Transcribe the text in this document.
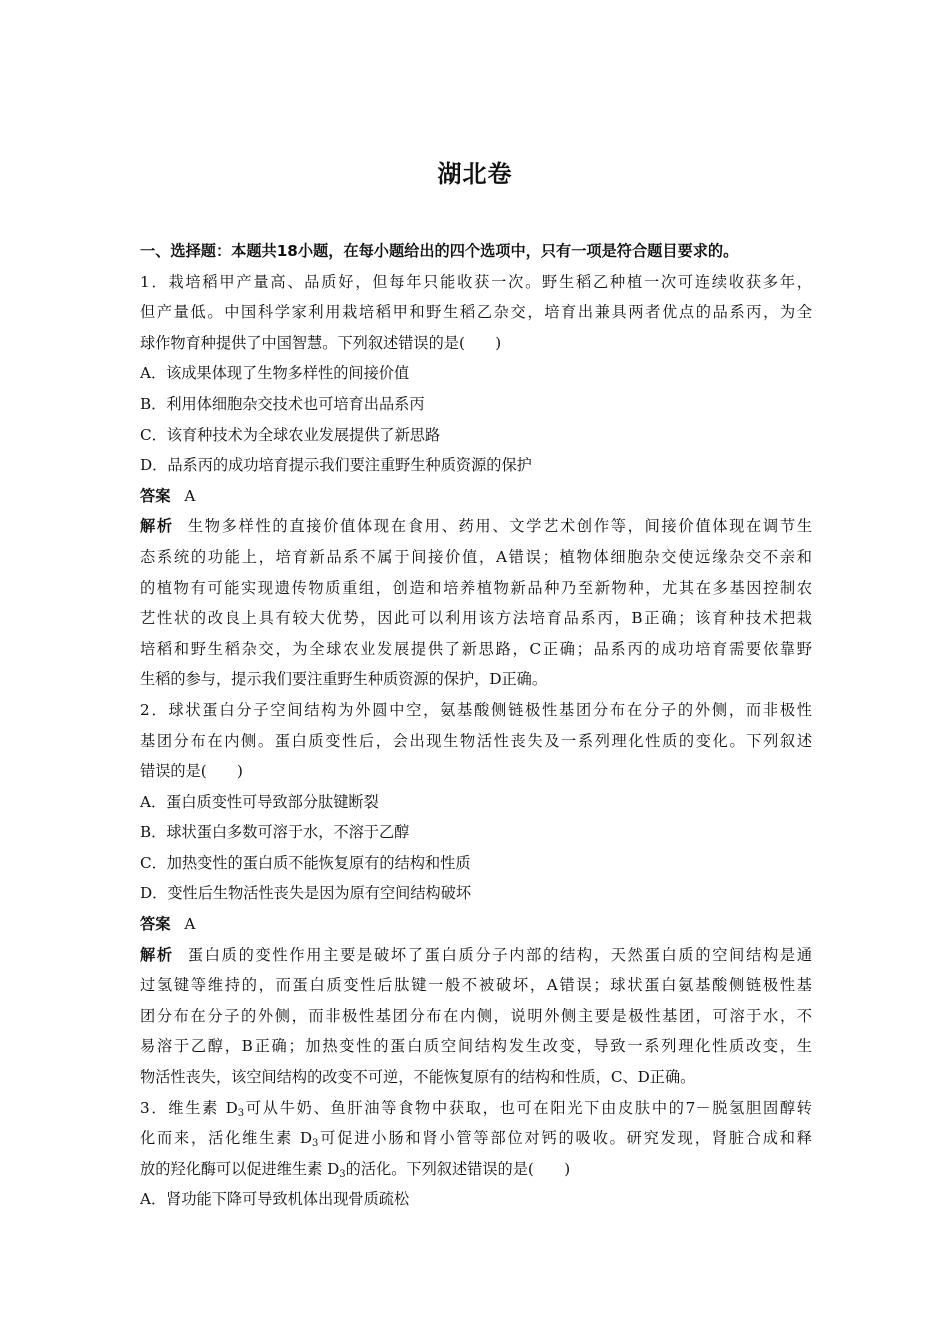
湖北卷
一、选择题：本题共18小题，在每小题给出的四个选项中，只有一项是符合题目要求的。
1．栽培稻甲产量高、品质好，但每年只能收获一次。野生稻乙种植一次可连续收获多年，
但产量低。中国科学家利用栽培稻甲和野生稻乙杂交，培育出兼具两者优点的品系丙，为全
球作物育种提供了中国智慧。下列叙述错误的是(　　)
A．该成果体现了生物多样性的间接价值
B．利用体细胞杂交技术也可培育出品系丙
C．该育种技术为全球农业发展提供了新思路
D．品系丙的成功培育提示我们要注重野生种质资源的保护
答案 A
解析 生物多样性的直接价值体现在食用、药用、文学艺术创作等，间接价值体现在调节生
态系统的功能上，培育新品系不属于间接价值，A错误；植物体细胞杂交使远缘杂交不亲和
的植物有可能实现遗传物质重组，创造和培养植物新品种乃至新物种，尤其在多基因控制农
艺性状的改良上具有较大优势，因此可以利用该方法培育品系丙，B正确；该育种技术把栽
培稻和野生稻杂交，为全球农业发展提供了新思路，C正确；品系丙的成功培育需要依靠野
生稻的参与，提示我们要注重野生种质资源的保护，D正确。
2．球状蛋白分子空间结构为外圆中空，氨基酸侧链极性基团分布在分子的外侧，而非极性
基团分布在内侧。蛋白质变性后，会出现生物活性丧失及一系列理化性质的变化。下列叙述
错误的是(　　)
A．蛋白质变性可导致部分肽键断裂
B．球状蛋白多数可溶于水，不溶于乙醇
C．加热变性的蛋白质不能恢复原有的结构和性质
D．变性后生物活性丧失是因为原有空间结构破坏
答案 A
解析 蛋白质的变性作用主要是破坏了蛋白质分子内部的结构，天然蛋白质的空间结构是通
过氢键等维持的，而蛋白质变性后肽键一般不被破坏，A错误；球状蛋白氨基酸侧链极性基
团分布在分子的外侧，而非极性基团分布在内侧，说明外侧主要是极性基团，可溶于水，不
易溶于乙醇，B正确；加热变性的蛋白质空间结构发生改变，导致一系列理化性质改变，生
物活性丧失，该空间结构的改变不可逆，不能恢复原有的结构和性质，C、D正确。
3．维生素 $D_3$可从牛奶、鱼肝油等食物中获取，也可在阳光下由皮肤中的7－脱氢胆固醇转
化而来，活化维生素 $D_3$可促进小肠和肾小管等部位对钙的吸收。研究发现，肾脏合成和释
放的羟化酶可以促进维生素 $D_3$的活化。下列叙述错误的是(　　)
A．肾功能下降可导致机体出现骨质疏松
